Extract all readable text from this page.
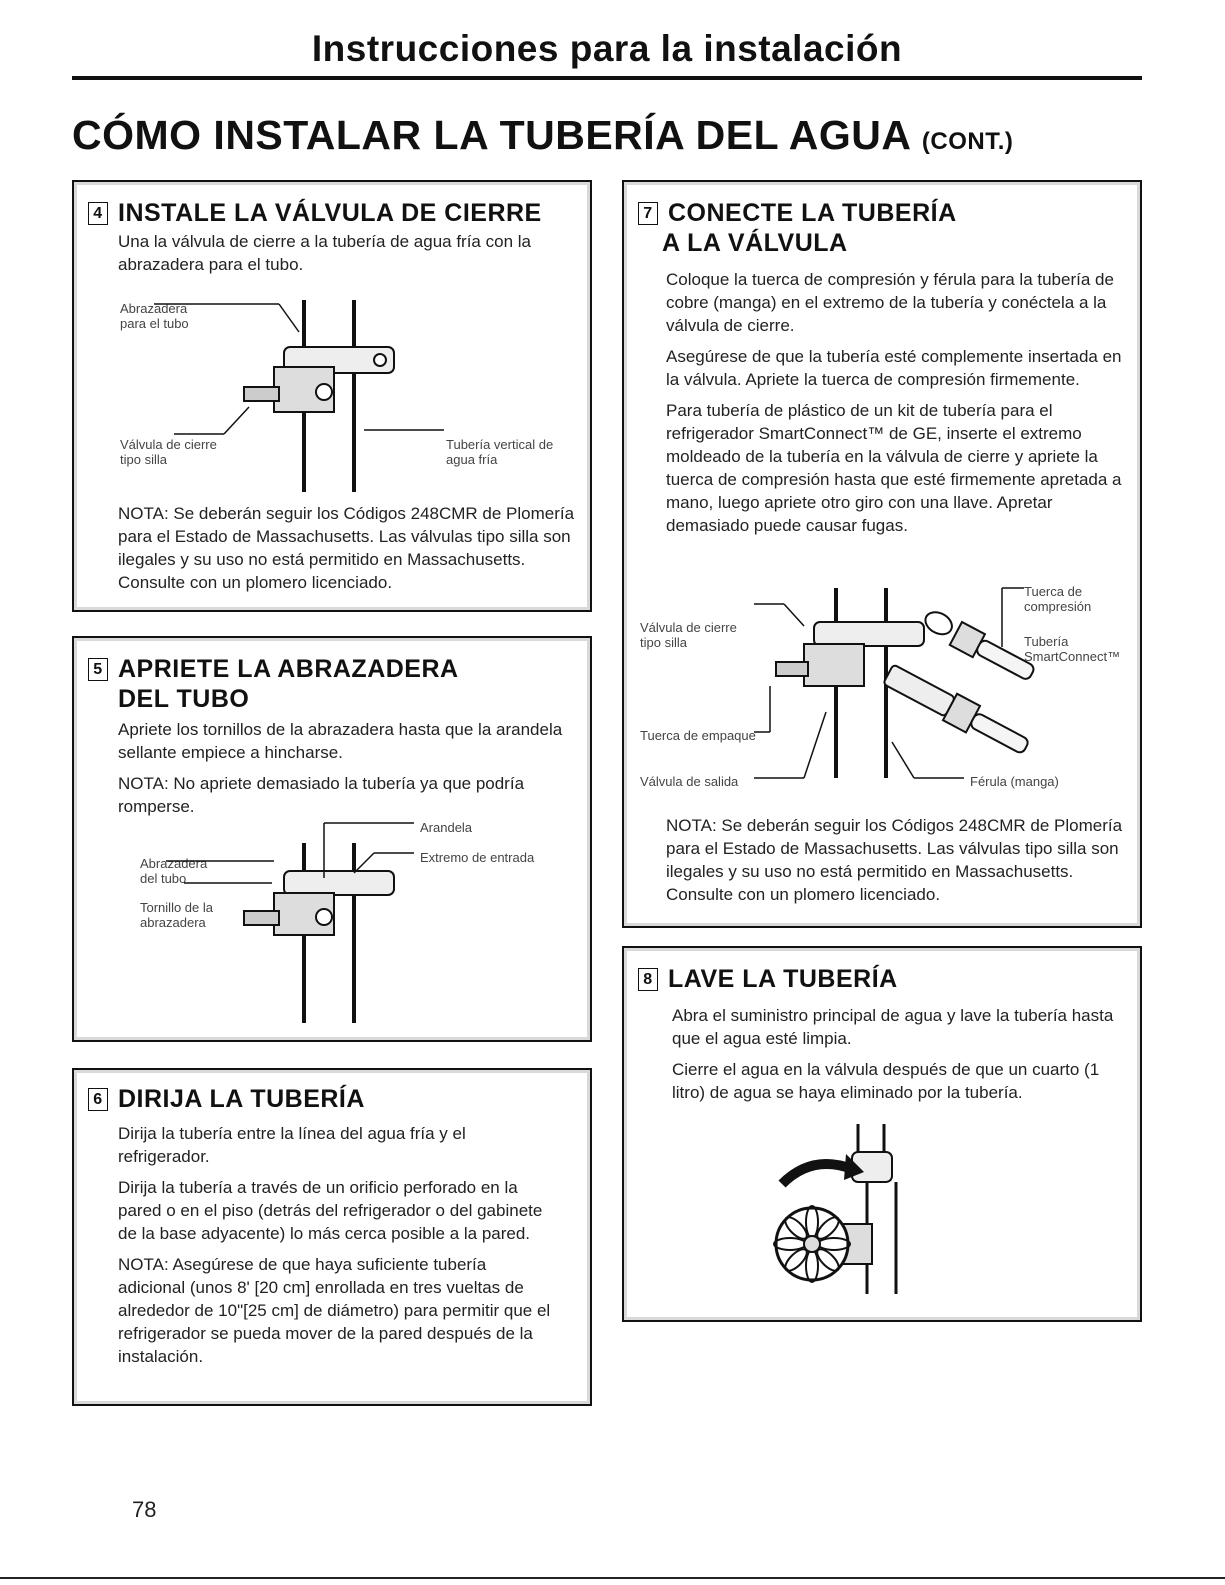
Instrucciones para la instalación
CÓMO INSTALAR LA TUBERÍA DEL AGUA (CONT.)
4 INSTALE LA VÁLVULA DE CIERRE

Una la válvula de cierre a la tubería de agua fría con la abrazadera para el tubo.

Abrazadera para el tubo
Válvula de cierre tipo silla
Tubería vertical de agua fría

NOTA: Se deberán seguir los Códigos 248CMR de Plomería para el Estado de Massachusetts. Las válvulas tipo silla son ilegales y su uso no está permitido en Massachusetts. Consulte con un plomero licenciado.

5 APRIETE LA ABRAZADERA DEL TUBO

Apriete los tornillos de la abrazadera hasta que la arandela sellante empiece a hincharse.

NOTA: No apriete demasiado la tubería ya que podría romperse.

Arandela
Extremo de entrada
Abrazadera del tubo
Tornillo de la abrazadera
6 DIRIJA LA TUBERÍA

Dirija la tubería entre la línea del agua fría y el refrigerador.

Dirija la tubería a través de un orificio perforado en la pared o en el piso (detrás del refrigerador o del gabinete de la base adyacente) lo más cerca posible a la pared.

NOTA: Asegúrese de que haya suficiente tubería adicional (unos 8' [20 cm] enrollada en tres vueltas de alrededor de 10"[25 cm] de diámetro) para permitir que el refrigerador se pueda mover de la pared después de la instalación.

7 CONECTE LA TUBERÍA
A LA VÁLVULA

Coloque la tuerca de compresión y férula para la tubería de cobre (manga) en el extremo de la tubería y conéctela a la válvula de cierre.

Asegúrese de que la tubería esté complemente insertada en la válvula. Apriete la tuerca de compresión firmemente.

Para tubería de plástico de un kit de tubería para el refrigerador SmartConnect™ de GE, inserte el extremo moldeado de la tubería en la válvula de cierre y apriete la tuerca de compresión hasta que esté firmemente apretada a mano, luego apriete otro giro con una llave. Apretar demasiado puede causar fugas.

Válvula de cierre tipo silla
Tuerca de compresión
Tubería SmartConnect™
Tuerca de empaque
Válvula de salida	Férula (manga)

NOTA: Se deberán seguir los Códigos 248CMR de Plomería para el Estado de Massachusetts. Las válvulas tipo silla son ilegales y su uso no está permitido en Massachusetts. Consulte con un plomero licenciado.

8 LAVE LA TUBERÍA

Abra el suministro principal de agua y lave la tubería hasta que el agua esté limpia.

Cierre el agua en la válvula después de que un cuarto (1 litro) de agua se haya eliminado por la tubería.

78
